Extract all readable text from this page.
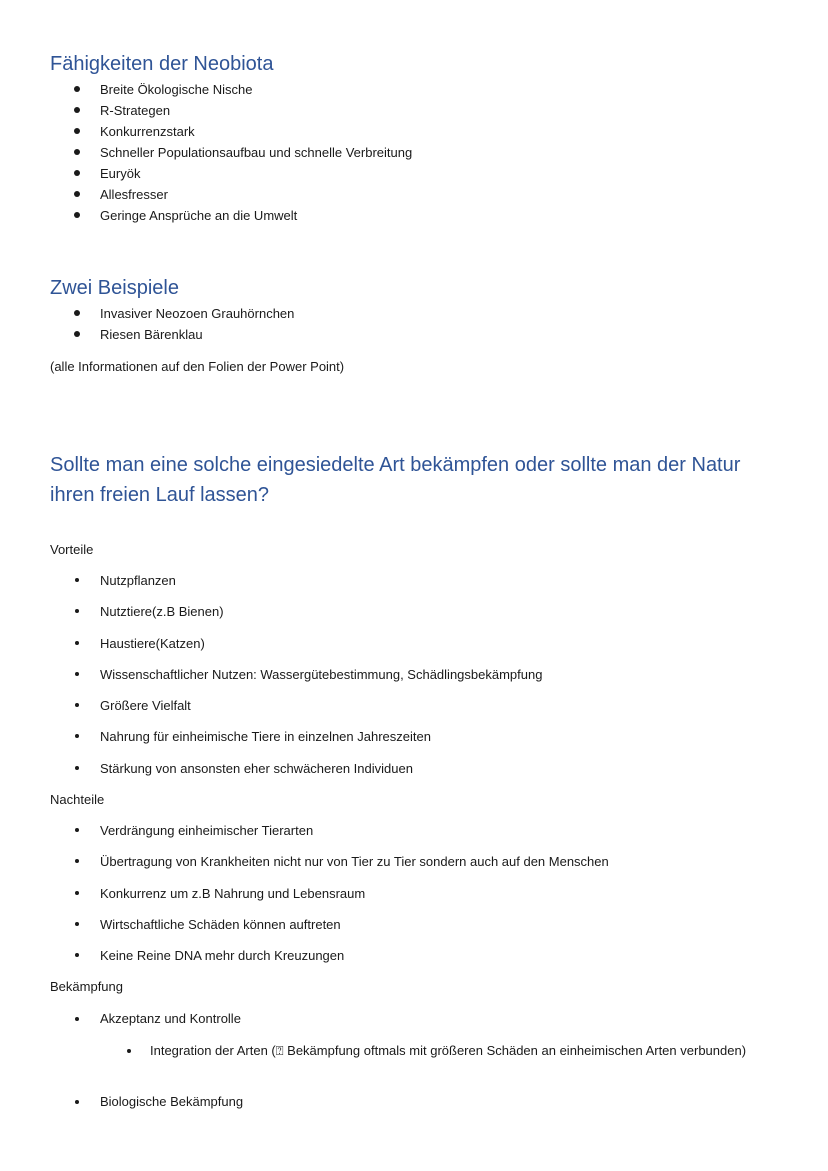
Fähigkeiten der Neobiota
Breite Ökologische Nische
R-Strategen
Konkurrenzstark
Schneller Populationsaufbau und schnelle Verbreitung
Euryök
Allesfresser
Geringe Ansprüche an die Umwelt
Zwei Beispiele
Invasiver Neozoen Grauhörnchen
Riesen Bärenklau

(alle Informationen auf den Folien der Power Point)

Sollte man eine solche eingesiedelte Art bekämpfen oder sollte man der Natur ihren freien Lauf lassen?

Vorteile

Nutzpflanzen
Nutztiere(z.B Bienen)
Haustiere(Katzen)
Wissenschaftlicher Nutzen: Wassergütebestimmung, Schädlingsbekämpfung
Größere Vielfalt
Nahrung für einheimische Tiere in einzelnen Jahreszeiten
Stärkung von ansonsten eher schwächeren Individuen

Nachteile

Verdrängung einheimischer Tierarten
Übertragung von Krankheiten nicht nur von Tier zu Tier sondern auch auf den Menschen
Konkurrenz um z.B Nahrung und Lebensraum
Wirtschaftliche Schäden können auftreten
Keine Reine DNA mehr durch Kreuzungen

Bekämpfung

Akzeptanz und Kontrolle
Integration der Arten (⍰ Bekämpfung oftmals mit größeren Schäden an einheimischen Arten verbunden)
Biologische Bekämpfung
